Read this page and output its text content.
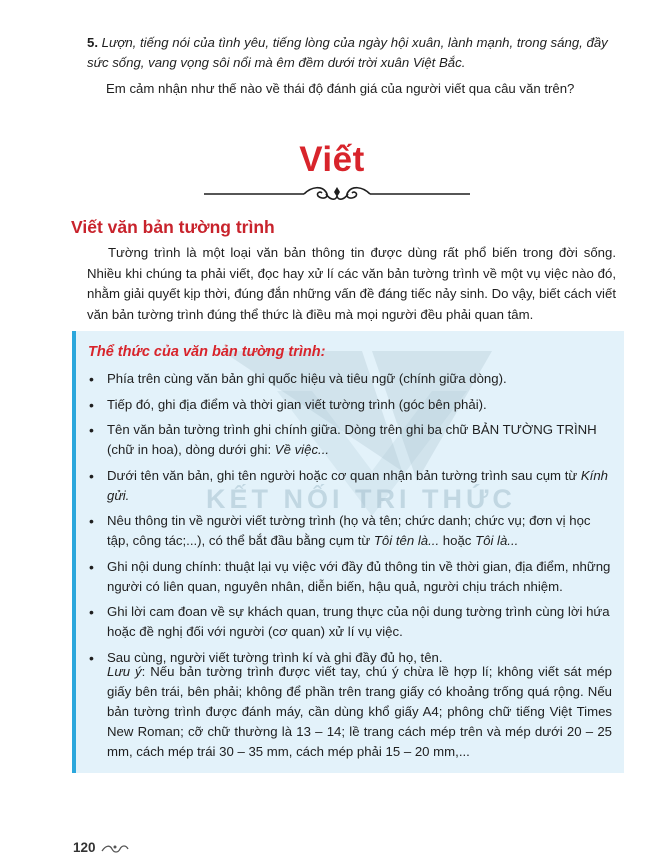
5. Lượn, tiếng nói của tình yêu, tiếng lòng của ngày hội xuân, lành mạnh, trong sáng, đầy sức sống, vang vọng sôi nổi mà êm đềm dưới trời xuân Việt Bắc.
Em cảm nhận như thế nào về thái độ đánh giá của người viết qua câu văn trên?
Viết
Viết văn bản tường trình
Tường trình là một loại văn bản thông tin được dùng rất phổ biến trong đời sống. Nhiều khi chúng ta phải viết, đọc hay xử lí các văn bản tường trình về một vụ việc nào đó, nhằm giải quyết kịp thời, đúng đắn những vấn đề đáng tiếc nảy sinh. Do vậy, biết cách viết văn bản tường trình đúng thể thức là điều mà mọi người đều phải quan tâm.
KẾT NỐI TRI THỨC
Thể thức của văn bản tường trình:
• Phía trên cùng văn bản ghi quốc hiệu và tiêu ngữ (chính giữa dòng).
• Tiếp đó, ghi địa điểm và thời gian viết tường trình (góc bên phải).
• Tên văn bản tường trình ghi chính giữa. Dòng trên ghi ba chữ BẢN TƯỜNG TRÌNH (chữ in hoa), dòng dưới ghi: Về việc...
• Dưới tên văn bản, ghi tên người hoặc cơ quan nhận bản tường trình sau cụm từ Kính gửi.
• Nêu thông tin về người viết tường trình (họ và tên; chức danh; chức vụ; đơn vị học tập, công tác;...), có thể bắt đầu bằng cụm từ Tôi tên là... hoặc Tôi là...
• Ghi nội dung chính: thuật lại vụ việc với đầy đủ thông tin về thời gian, địa điểm, những người có liên quan, nguyên nhân, diễn biến, hậu quả, người chịu trách nhiệm.
• Ghi lời cam đoan về sự khách quan, trung thực của nội dung tường trình cùng lời hứa hoặc đề nghị đối với người (cơ quan) xử lí vụ việc.
• Sau cùng, người viết tường trình kí và ghi đầy đủ họ, tên.
Lưu ý: Nếu bản tường trình được viết tay, chú ý chừa lề hợp lí; không viết sát mép giấy bên trái, bên phải; không để phần trên trang giấy có khoảng trống quá rộng. Nếu bản tường trình được đánh máy, cần dùng khổ giấy A4; phông chữ tiếng Việt Times New Roman; cỡ chữ thường là 13 – 14; lề trang cách mép trên và mép dưới 20 – 25 mm, cách mép trái 30 – 35 mm, cách mép phải 15 – 20 mm,...
120
